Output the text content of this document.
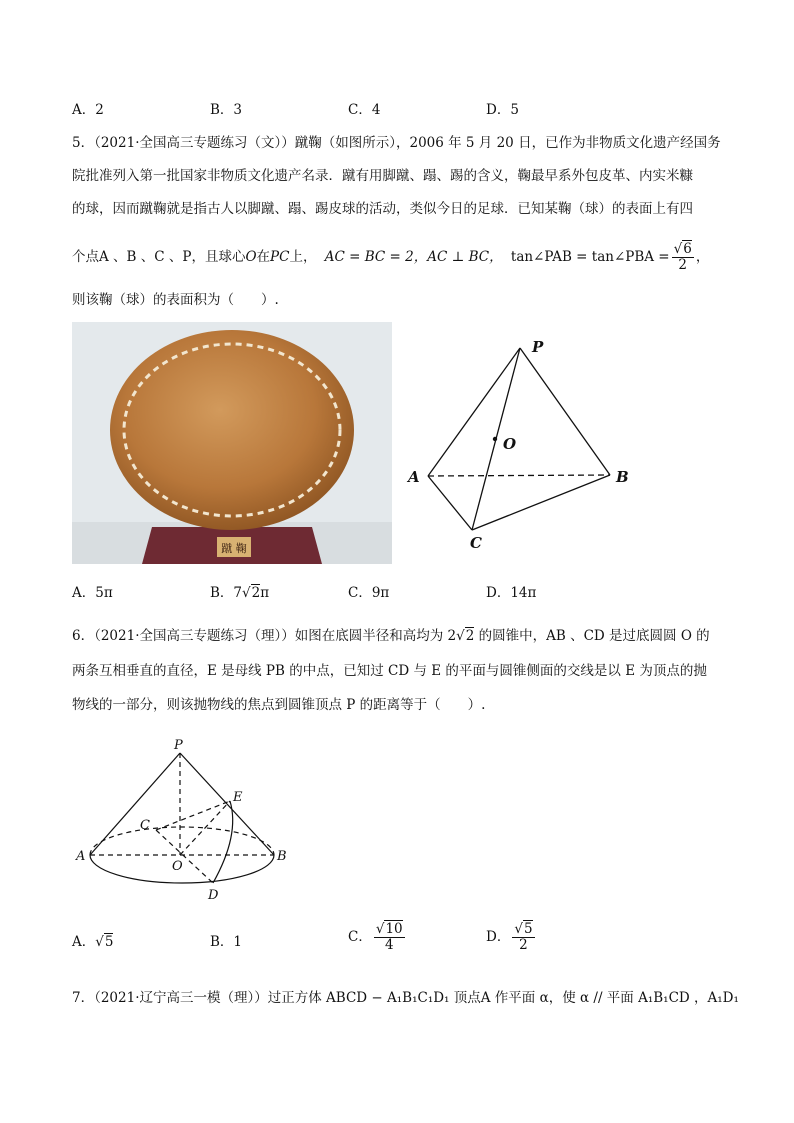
A．2	B．3	C．4	D．5
5．（2021·全国高三专题练习（文））蹴鞠（如图所示），2006 年 5 月 20 日，已作为非物质文化遗产经国务
院批准列入第一批国家非物质文化遗产名录．蹴有用脚蹴、蹋、踢的含义，鞠最早系外包皮革、内实米糠
的球，因而蹴鞠就是指古人以脚蹴、蹋、踢皮球的活动，类似今日的足球．已知某鞠（球）的表面上有四
个点A 、B 、C 、P，且球心O在PC上， AC = BC = 2，AC ⊥ BC， tan∠PAB = tan∠PBA = $\frac{√6}{2}$ ，
则该鞠（球）的表面积为（　　）.
蹴 鞠
P
O
A	B
C
A．5π	B．7√2π	C．9π	D．14π
6．（2021·全国高三专题练习（理））如图在底圆半径和高均为 2√2 的圆锥中，AB 、CD 是过底圆圆 O 的
两条互相垂直的直径，E 是母线 PB 的中点，已知过 CD 与 E 的平面与圆锥侧面的交线是以 E 为顶点的抛
物线的一部分，则该抛物线的焦点到圆锥顶点 P 的距离等于（　　）.
P
E
C
A
O
B
D
A．√5	B．1	C． $\frac{√10}{4}$	D． $\frac{√5}{2}$
7．（2021·辽宁高三一模（理））过正方体 ABCD − A₁B₁C₁D₁ 顶点A 作平面 α，使 α // 平面 A₁B₁CD ，A₁D₁
